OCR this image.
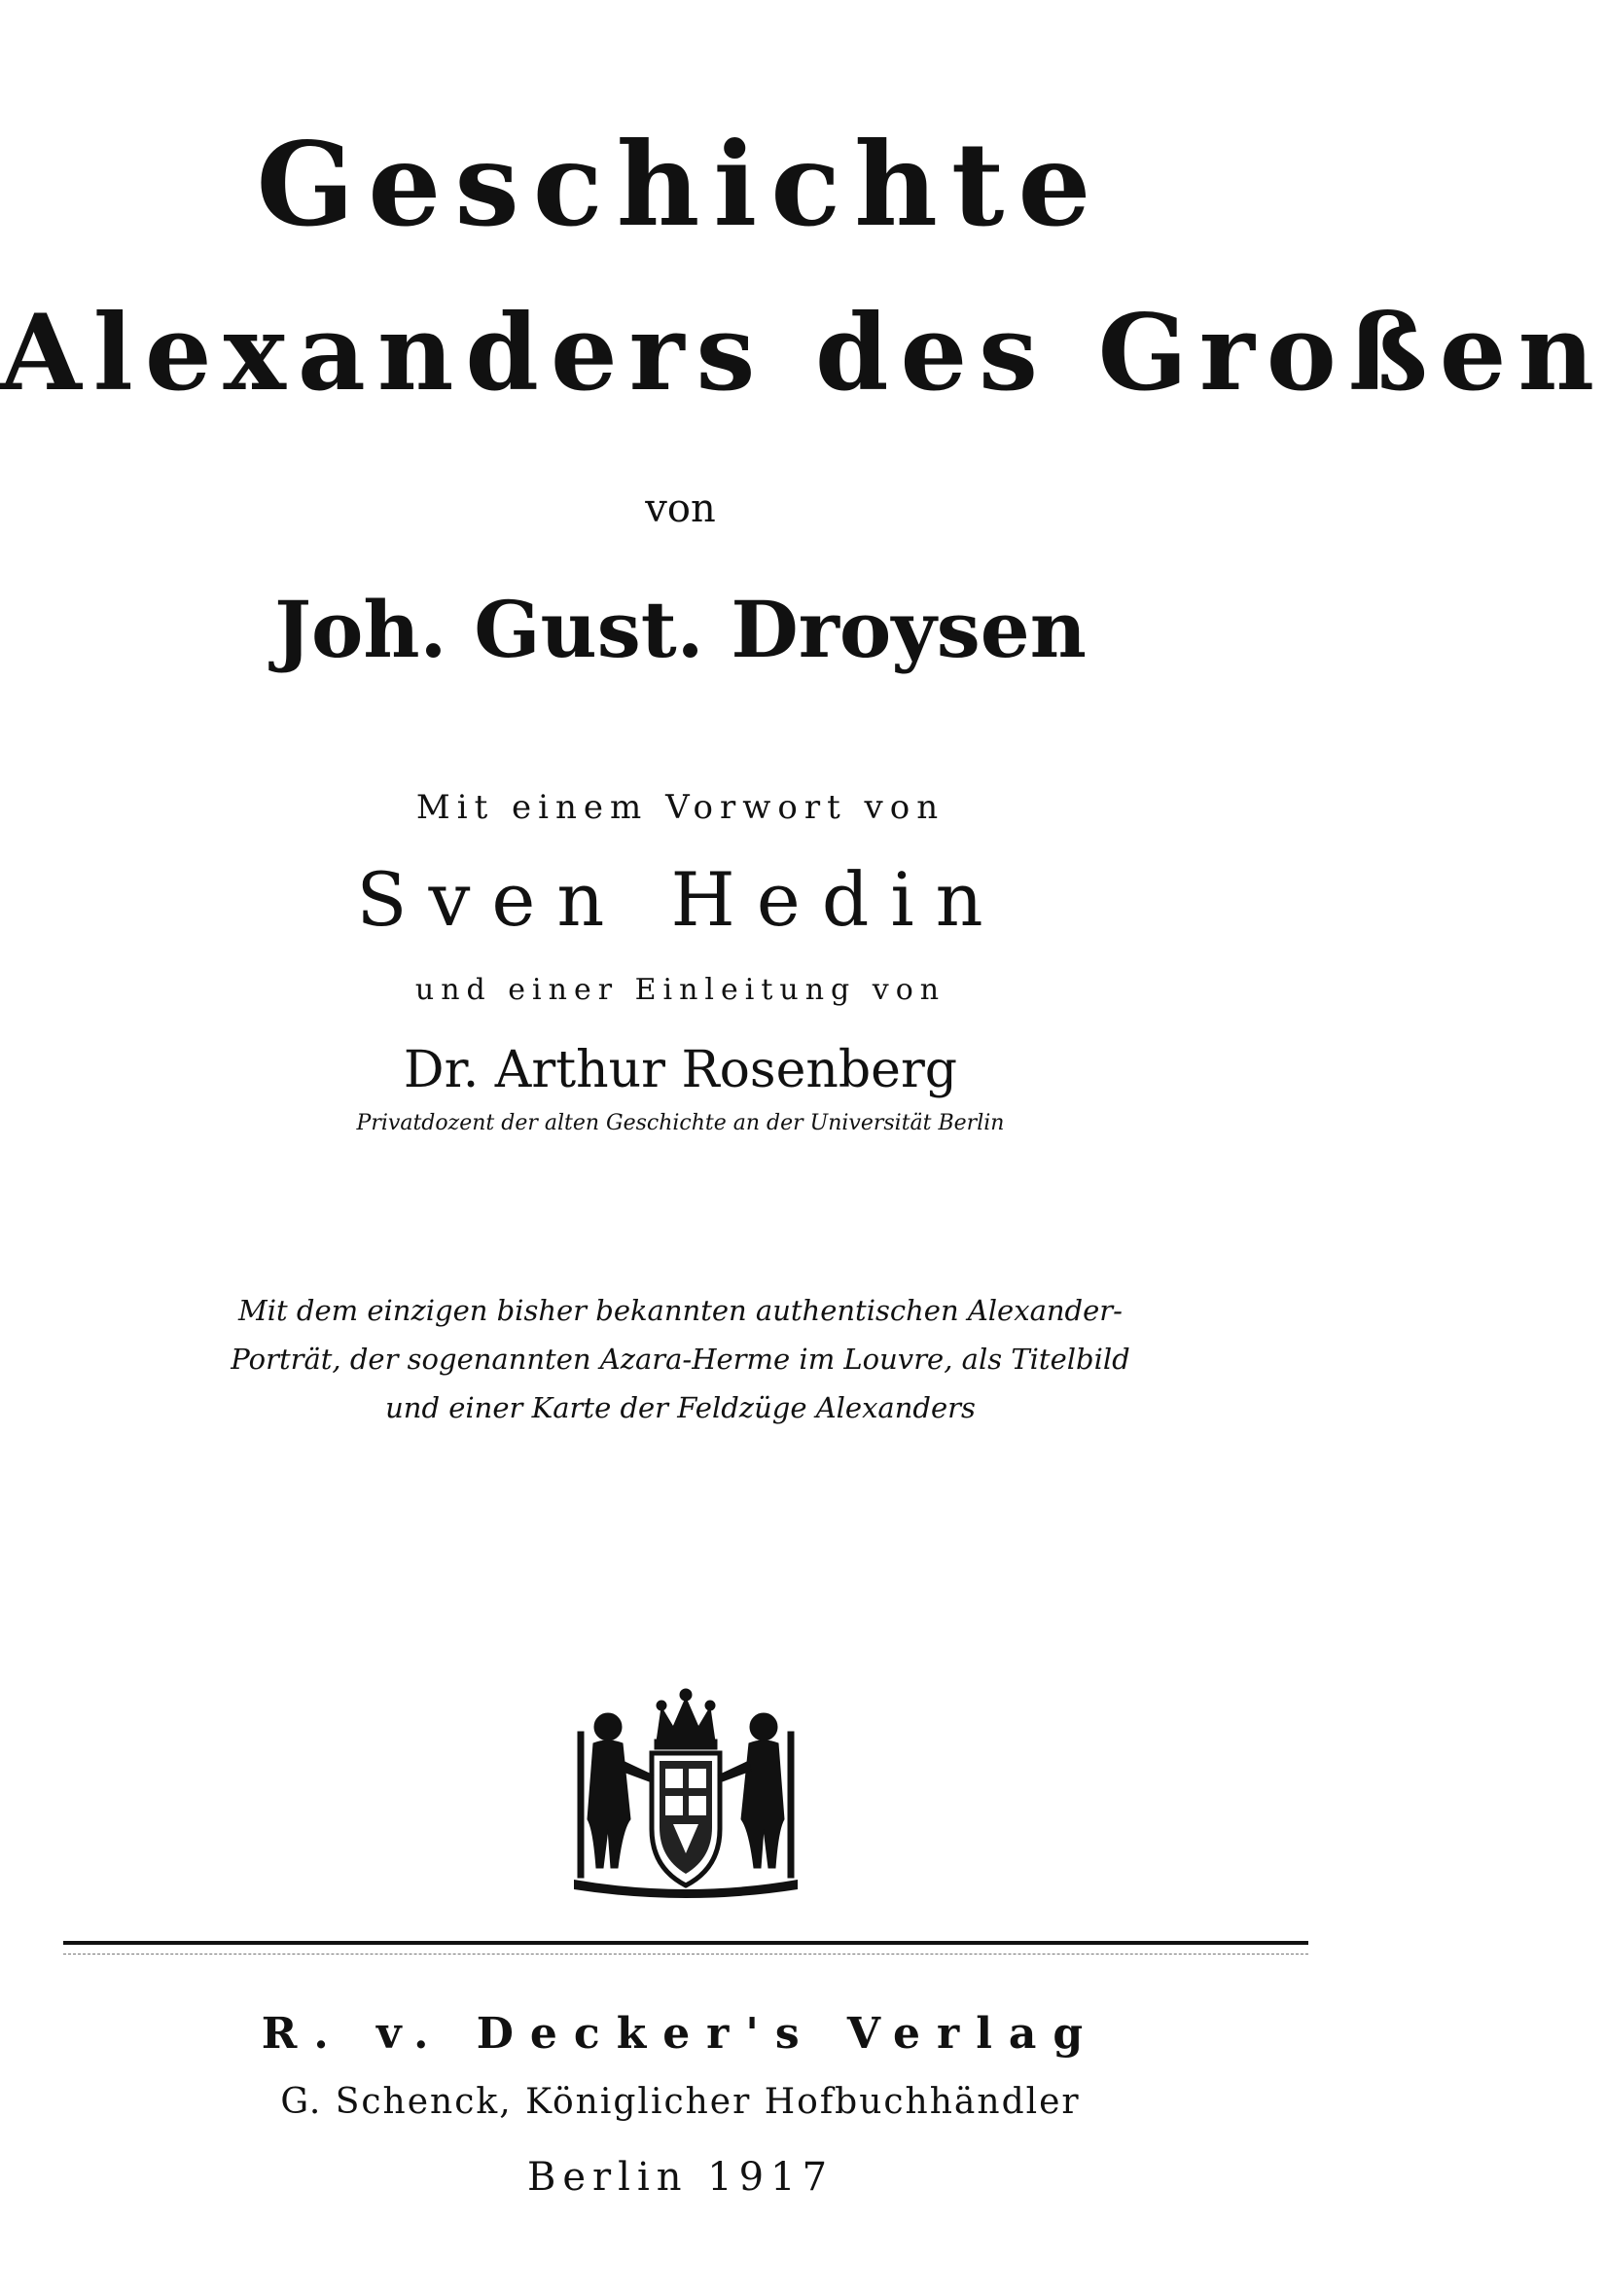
Geschichte
Alexanders des Großen
von
Joh. Gust. Droysen
Mit einem Vorwort von
Sven Hedin
und einer Einleitung von
Dr. Arthur Rosenberg
Privatdozent der alten Geschichte an der Universität Berlin
Mit dem einzigen bisher bekannten authentischen Alexander-
Porträt, der sogenannten Azara-Herme im Louvre, als Titelbild
und einer Karte der Feldzüge Alexanders
R. v. Decker's Verlag
G. Schenck, Königlicher Hofbuchhändler
Berlin 1917
